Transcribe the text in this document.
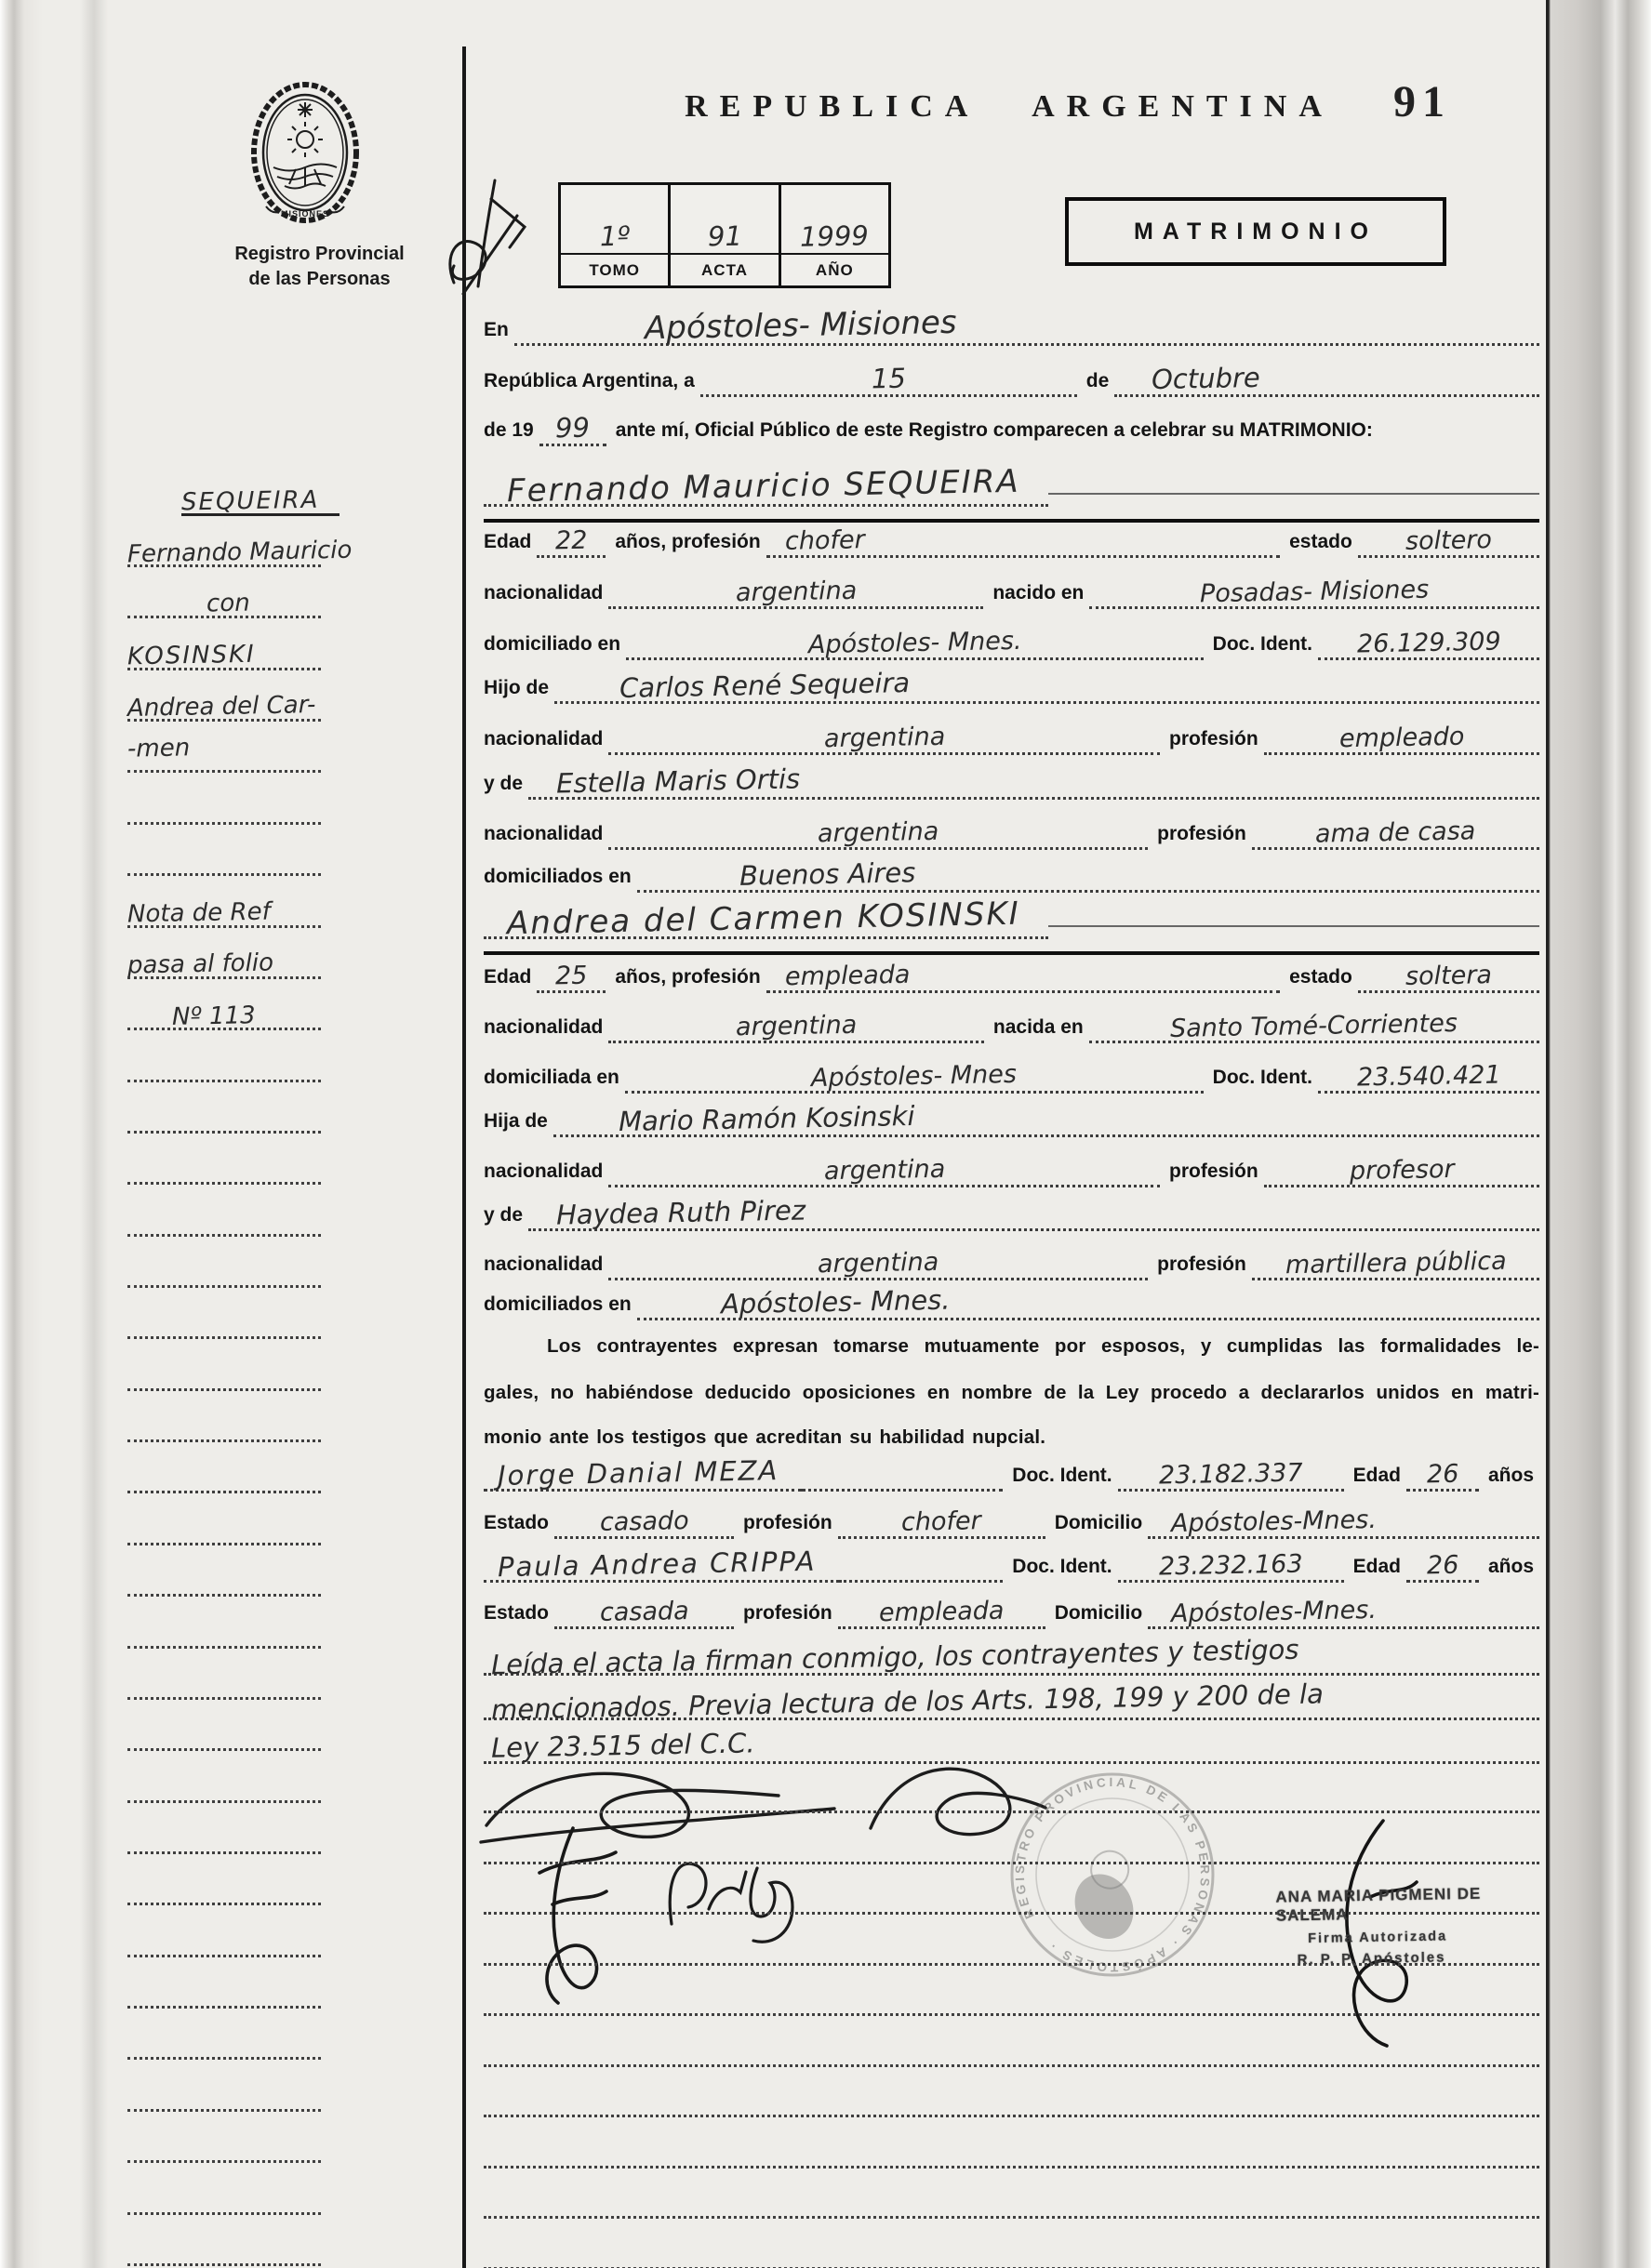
MISIONES
Registro Provincial
de las Personas
REPUBLICA ARGENTINA 91
1º
TOMO
91
ACTA
1999
AÑO
MATRIMONIO
En	Apóstoles- Misiones
República Argentina, a	15	de	Octubre
de 19 99	ante mí, Oficial Público de este Registro comparecen a celebrar su MATRIMONIO:
Fernando Mauricio SEQUEIRA
Edad 22	años, profesión chofer	estado	soltero
nacionalidad	argentina	nacido en	Posadas- Misiones
domiciliado en	Apóstoles- Mnes.	Doc. Ident.	26.129.309
Hijo de	Carlos René Sequeira
nacionalidad	argentina	profesión	empleado
y de	Estella Maris Ortis
nacionalidad	argentina	profesión	ama de casa
domiciliados en	Buenos Aires
Andrea del Carmen KOSINSKI
Edad 25	años, profesión empleada	estado	soltera
nacionalidad	argentina	nacida en	Santo Tomé-Corrientes
domiciliada en	Apóstoles- Mnes	Doc. Ident.	23.540.421
Hija de	Mario Ramón Kosinski
nacionalidad	argentina	profesión	profesor
y de	Haydea Ruth Pirez
nacionalidad	argentina	profesión	martillera pública
domiciliados en	Apóstoles- Mnes.
Los contrayentes expresan tomarse mutuamente por esposos, y cumplidas las formalidades le-
gales, no habiéndose deducido oposiciones en nombre de la Ley procedo a declararlos unidos en matri-
monio ante los testigos que acreditan su habilidad nupcial.
Jorge Danial MEZA	Doc. Ident.	23.182.337	Edad	26	años
Estado	casado	profesión	chofer	Domicilio	Apóstoles-Mnes.
Paula Andrea CRIPPA	Doc. Ident.	23.232.163	Edad	26	años
Estado	casada	profesión	empleada	Domicilio	Apóstoles-Mnes.
Leída el acta la firman conmigo, los contrayentes y testigos
mencionados. Previa lectura de los Arts. 198, 199 y 200 de la
Ley 23.515 del C.C.
SEQUEIRA
Fernando Mauricio
con
KOSINSKI
Andrea del Car-
-men
Nota de Ref
pasa al folio
Nº 113
REGISTRO PROVINCIAL DE LAS PERSONAS · APÓSTOLES ·
ANA MARIA PIGMENI DE SALEMA
Firma Autorizada
R. P. P. Apóstoles
